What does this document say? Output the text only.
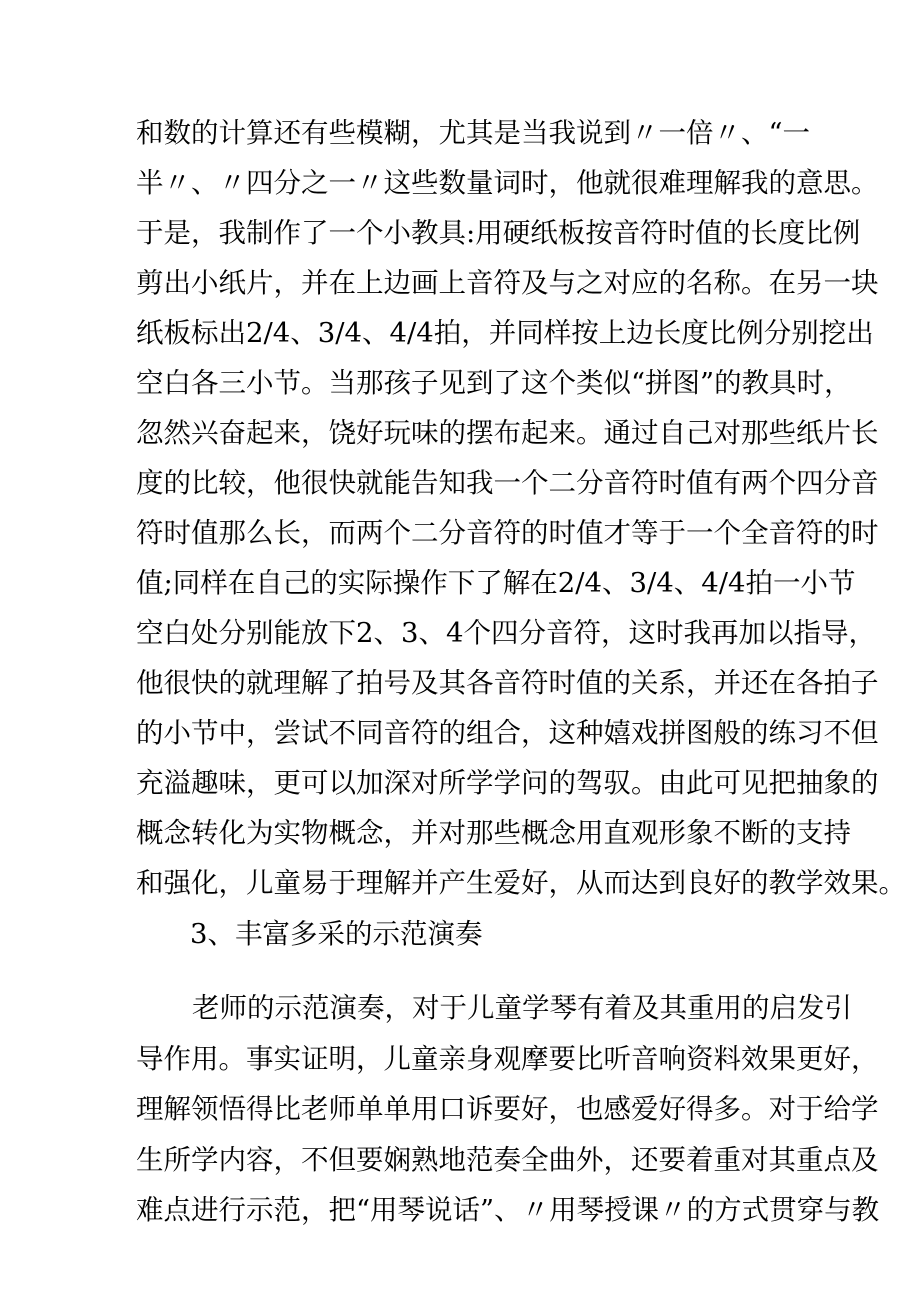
和数的计算还有些模糊，尤其是当我说到〃一倍〃、“一
半〃、〃四分之一〃这些数量词时，他就很难理解我的意思。
于是，我制作了一个小教具:用硬纸板按音符时值的长度比例
剪出小纸片，并在上边画上音符及与之对应的名称。在另一块
纸板标出2/4、3/4、4/4拍，并同样按上边长度比例分别挖出
空白各三小节。当那孩子见到了这个类似“拼图”的教具时，
忽然兴奋起来，饶好玩味的摆布起来。通过自己对那些纸片长
度的比较，他很快就能告知我一个二分音符时值有两个四分音
符时值那么长，而两个二分音符的时值才等于一个全音符的时
值;同样在自己的实际操作下了解在2/4、3/4、4/4拍一小节
空白处分别能放下2、3、4个四分音符，这时我再加以指导，
他很快的就理解了拍号及其各音符时值的关系，并还在各拍子
的小节中，尝试不同音符的组合，这种嬉戏拼图般的练习不但
充溢趣味，更可以加深对所学学问的驾驭。由此可见把抽象的
概念转化为实物概念，并对那些概念用直观形象不断的支持
和强化，儿童易于理解并产生爱好，从而达到良好的教学效果。
3、丰富多采的示范演奏
老师的示范演奏，对于儿童学琴有着及其重用的启发引
导作用。事实证明，儿童亲身观摩要比听音响资料效果更好，
理解领悟得比老师单单用口诉要好，也感爱好得多。对于给学
生所学内容，不但要娴熟地范奏全曲外，还要着重对其重点及
难点进行示范，把“用琴说话”、〃用琴授课〃的方式贯穿与教
